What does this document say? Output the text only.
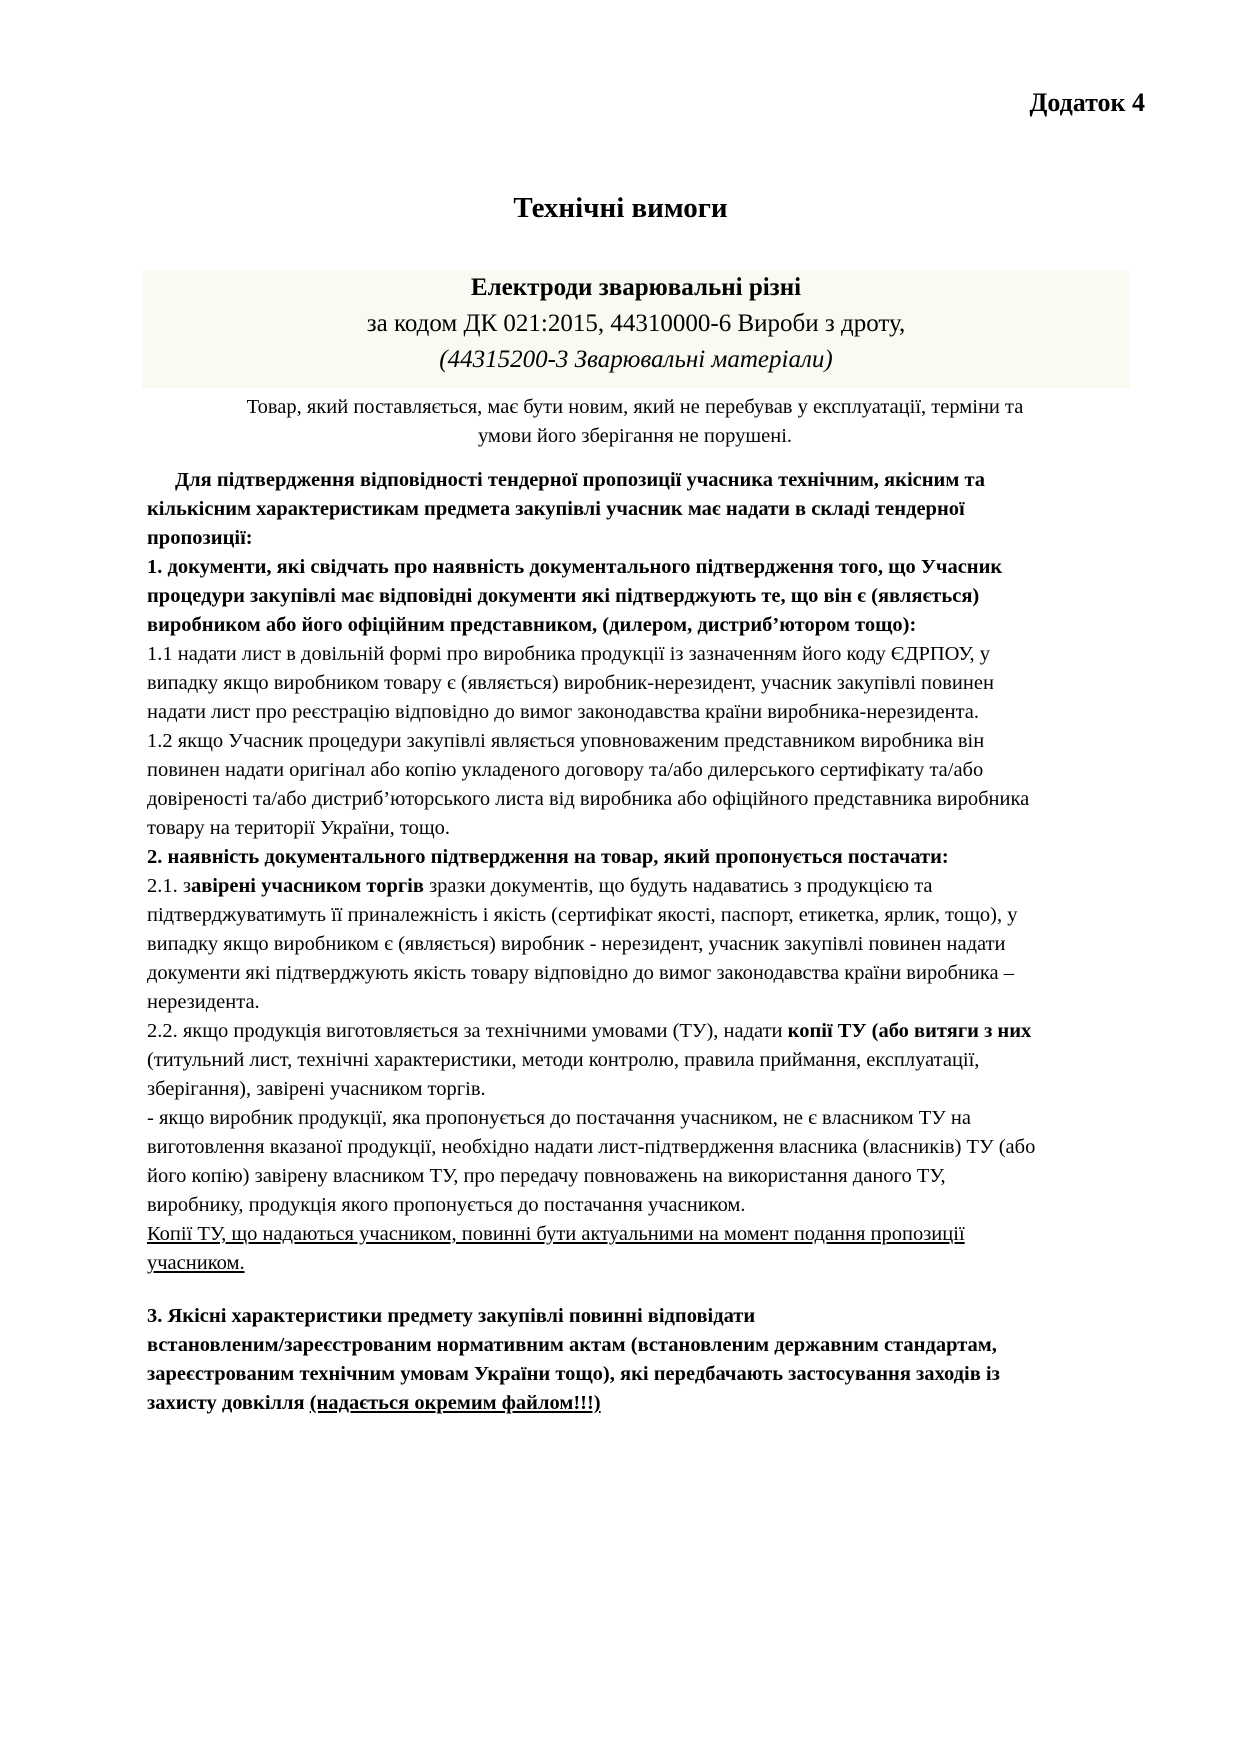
Додаток 4
Технічні вимоги
Електроди зварювальні різні
за кодом ДК 021:2015, 44310000-6 Вироби з дроту,
(44315200-3 Зварювальні матеріали)
Товар, який поставляється, має бути новим, який не перебував у експлуатації, терміни та
умови його зберігання не порушені.
Для підтвердження відповідності тендерної пропозиції учасника технічним, якісним та
кількісним характеристикам предмета закупівлі учасник має надати в складі тендерної
пропозиції:
1. документи, які свідчать про наявність документального підтвердження того, що Учасник
процедури закупівлі має відповідні документи які підтверджують те, що він є (являється)
виробником або його офіційним представником, (дилером, дистриб’ютором тощо):
1.1 надати лист в довільній формі про виробника продукції із зазначенням його коду ЄДРПОУ, у
випадку якщо виробником товару є (являється) виробник-нерезидент, учасник закупівлі повинен
надати лист про реєстрацію відповідно до вимог законодавства країни виробника-нерезидента.
1.2 якщо Учасник процедури закупівлі являється уповноваженим представником виробника він
повинен надати оригінал або копію укладеного договору та/або дилерського сертифікату та/або
довіреності та/або дистриб’юторського листа від виробника або офіційного представника виробника
товару на території України, тощо.
2. наявність документального підтвердження на товар, який пропонується постачати:
2.1. завірені учасником торгів зразки документів, що будуть надаватись з продукцією та
підтверджуватимуть її приналежність і якість (сертифікат якості, паспорт, етикетка, ярлик, тощо), у
випадку якщо виробником є (являється) виробник - нерезидент, учасник закупівлі повинен надати
документи які підтверджують якість товару відповідно до вимог законодавства країни виробника –
нерезидента.
2.2. якщо продукція виготовляється за технічними умовами (ТУ), надати копії ТУ (або витяги з них
(титульний лист, технічні характеристики, методи контролю, правила приймання, експлуатації,
зберігання), завірені учасником торгів.
- якщо виробник продукції, яка пропонується до постачання учасником, не є власником ТУ на
виготовлення вказаної продукції, необхідно надати лист-підтвердження власника (власників) ТУ (або
його копію) завірену власником ТУ, про передачу повноважень на використання даного ТУ,
виробнику, продукція якого пропонується до постачання учасником.
Копії ТУ, що надаються учасником, повинні бути актуальними на момент подання пропозиції
учасником.
3. Якісні характеристики предмету закупівлі повинні відповідати
встановленим/зареєстрованим нормативним актам (встановленим державним стандартам,
зареєстрованим технічним умовам України тощо), які передбачають застосування заходів із
захисту довкілля (надається окремим файлом!!!)
